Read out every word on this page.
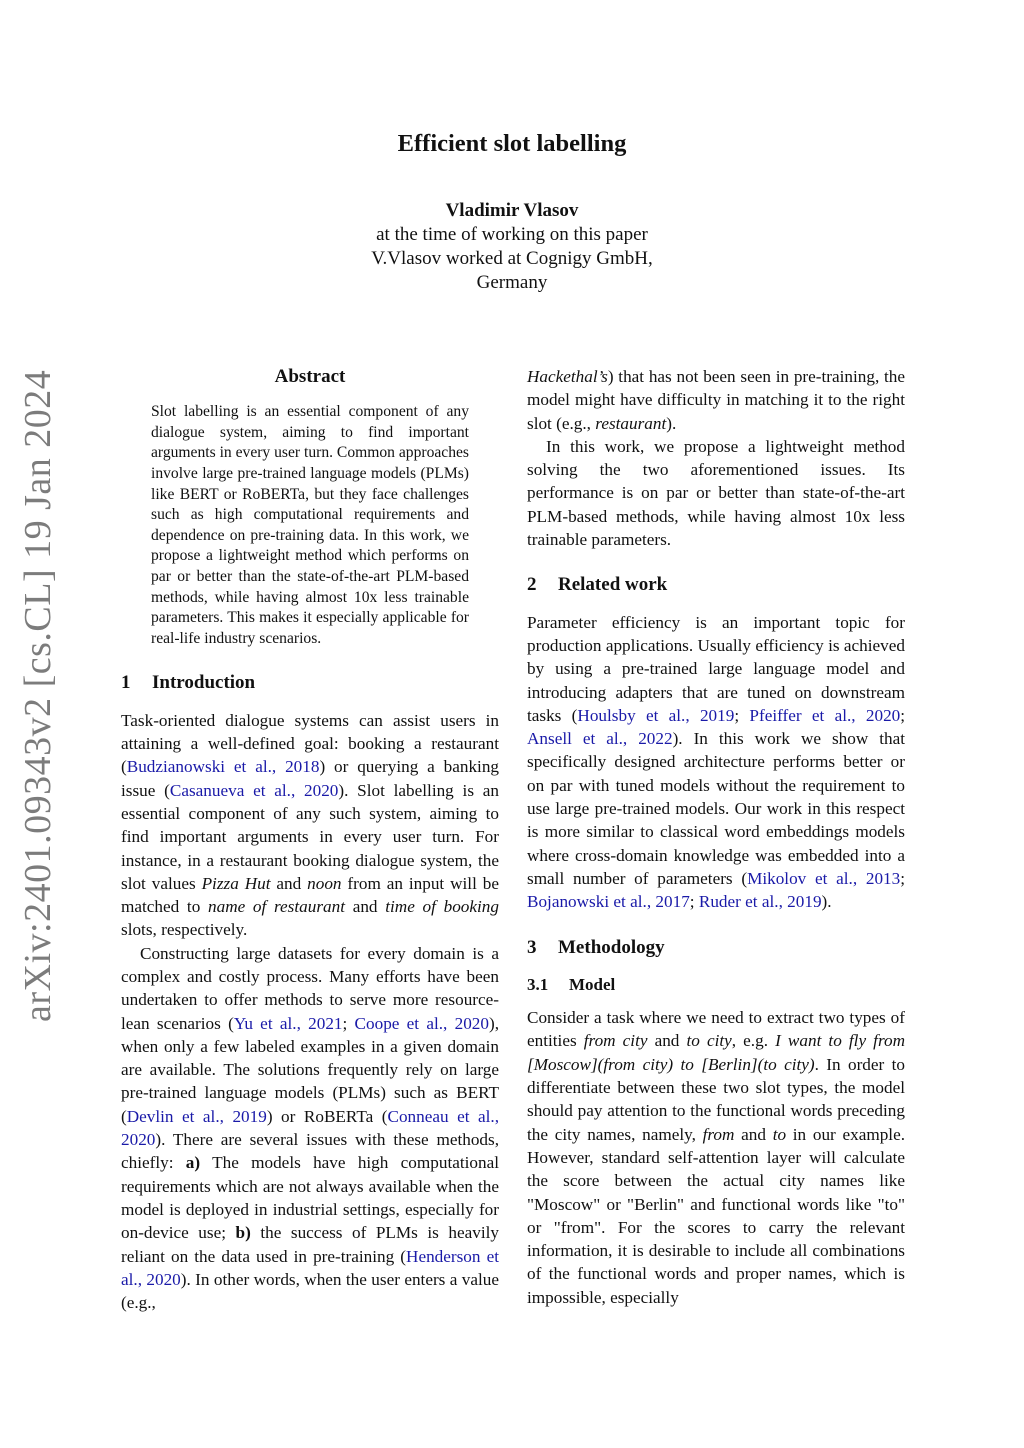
arXiv:2401.09343v2 [cs.CL] 19 Jan 2024
Efficient slot labelling
Vladimir Vlasov
at the time of working on this paper
V.Vlasov worked at Cognigy GmbH,
Germany
Abstract

Slot labelling is an essential component of any dialogue system, aiming to find important arguments in every user turn. Common approaches involve large pre-trained language models (PLMs) like BERT or RoBERTa, but they face challenges such as high computational requirements and dependence on pre-training data. In this work, we propose a lightweight method which performs on par or better than the state-of-the-art PLM-based methods, while having almost 10x less trainable parameters. This makes it especially applicable for real-life industry scenarios.

1 Introduction

Task-oriented dialogue systems can assist users in attaining a well-defined goal: booking a restaurant (Budzianowski et al., 2018) or querying a banking issue (Casanueva et al., 2020). Slot labelling is an essential component of any such system, aiming to find important arguments in every user turn. For instance, in a restaurant booking dialogue system, the slot values Pizza Hut and noon from an input will be matched to name of restaurant and time of booking slots, respectively.

Constructing large datasets for every domain is a complex and costly process. Many efforts have been undertaken to offer methods to serve more resource-lean scenarios (Yu et al., 2021; Coope et al., 2020), when only a few labeled examples in a given domain are available. The solutions frequently rely on large pre-trained language models (PLMs) such as BERT (Devlin et al., 2019) or RoBERTa (Conneau et al., 2020). There are several issues with these methods, chiefly: a) The models have high computational requirements which are not always available when the model is deployed in industrial settings, especially for on-device use; b) the success of PLMs is heavily reliant on the data used in pre-training (Henderson et al., 2020). In other words, when the user enters a value (e.g.,

Hackethal’s) that has not been seen in pre-training, the model might have difficulty in matching it to the right slot (e.g., restaurant).

In this work, we propose a lightweight method solving the two aforementioned issues. Its performance is on par or better than state-of-the-art PLM-based methods, while having almost 10x less trainable parameters.

2 Related work

Parameter efficiency is an important topic for production applications. Usually efficiency is achieved by using a pre-trained large language model and introducing adapters that are tuned on downstream tasks (Houlsby et al., 2019; Pfeiffer et al., 2020; Ansell et al., 2022). In this work we show that specifically designed architecture performs better or on par with tuned models without the requirement to use large pre-trained models. Our work in this respect is more similar to classical word embeddings models where cross-domain knowledge was embedded into a small number of parameters (Mikolov et al., 2013; Bojanowski et al., 2017; Ruder et al., 2019).

3 Methodology
3.1 Model

Consider a task where we need to extract two types of entities from city and to city, e.g. I want to fly from [Moscow](from city) to [Berlin](to city). In order to differentiate between these two slot types, the model should pay attention to the functional words preceding the city names, namely, from and to in our example. However, standard self-attention layer will calculate the score between the actual city names like "Moscow" or "Berlin" and functional words like "to" or "from". For the scores to carry the relevant information, it is desirable to include all combinations of the functional words and proper names, which is impossible, especially
